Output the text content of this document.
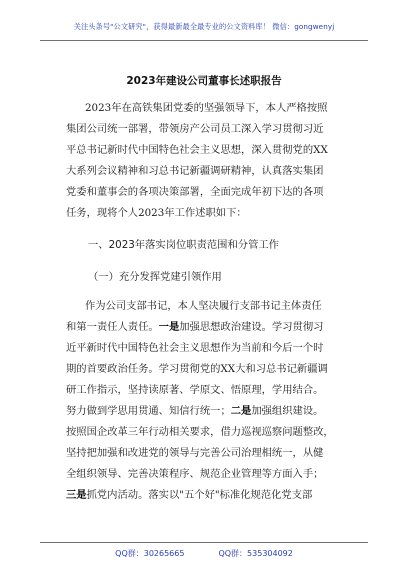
关注头条号"公文研究"，获得最新最全最专业的公文资料库！ 微信：gongwenyj
2023年建设公司董事长述职报告
2023年在高铁集团党委的坚强领导下，本人严格按照
集团公司统一部署，带领房产公司员工深入学习贯彻习近
平总书记新时代中国特色社会主义思想，深入贯彻党的XX
大系列会议精神和习总书记新疆调研精神，认真落实集团
党委和董事会的各项决策部署，全面完成年初下达的各项
任务，现将个人2023年工作述职如下：
一、2023年落实岗位职责范围和分管工作
（一）充分发挥党建引领作用
作为公司支部书记，本人坚决履行支部书记主体责任
和第一责任人责任。一是加强思想政治建设。学习贯彻习
近平新时代中国特色社会主义思想作为当前和今后一个时
期的首要政治任务。学习贯彻党的XX大和习总书记新疆调
研工作指示，坚持读原著、学原文、悟原理，学用结合。
努力做到学思用贯通、知信行统一；二是加强组织建设。
按照国企改革三年行动相关要求，借力巡视巡察问题整改，
坚持把加强和改进党的领导与完善公司治理相统一，从健
全组织领导、完善决策程序、规范企业管理等方面入手；
三是抓党内活动。落实以"五个好"标准化规范化党支部
QQ群：30265665	QQ群：535304092
